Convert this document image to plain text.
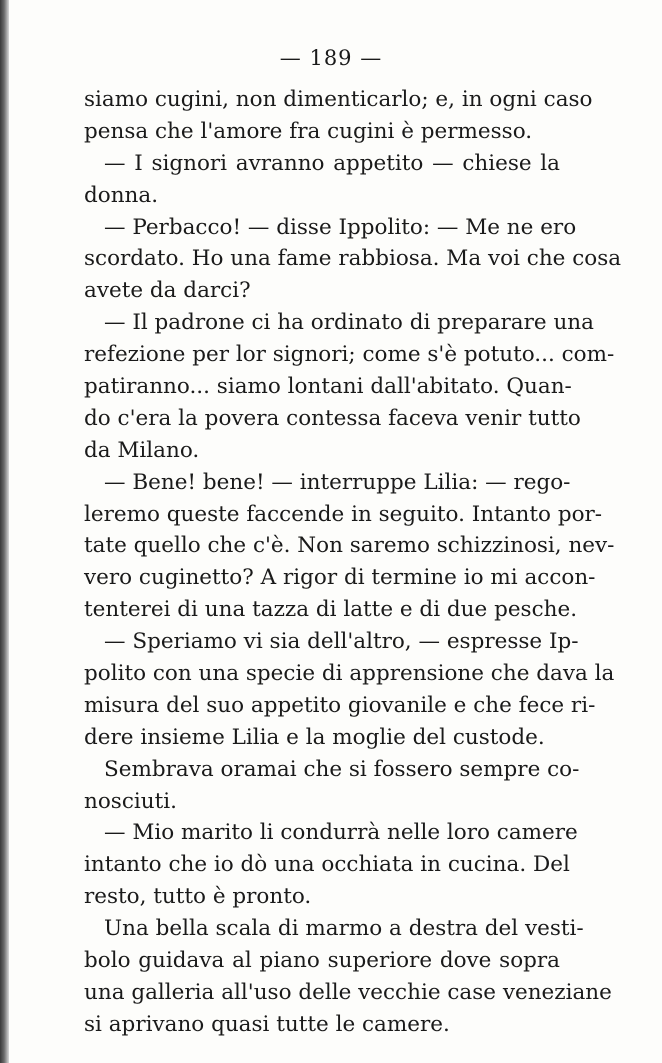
— 189 —
siamo cugini, non dimenticarlo; e, in ogni caso
pensa che l'amore fra cugini è permesso.
— I signori avranno appetito — chiese la
donna.
— Perbacco! — disse Ippolito: — Me ne ero
scordato. Ho una fame rabbiosa. Ma voi che cosa
avete da darci?
— Il padrone ci ha ordinato di preparare una
refezione per lor signori; come s'è potuto... com-
patiranno... siamo lontani dall'abitato. Quan-
do c'era la povera contessa faceva venir tutto
da Milano.
— Bene! bene! — interruppe Lilia: — rego-
leremo queste faccende in seguito. Intanto por-
tate quello che c'è. Non saremo schizzinosi, nev-
vero cuginetto? A rigor di termine io mi accon-
tenterei di una tazza di latte e di due pesche.
— Speriamo vi sia dell'altro, — espresse Ip-
polito con una specie di apprensione che dava la
misura del suo appetito giovanile e che fece ri-
dere insieme Lilia e la moglie del custode.
Sembrava oramai che si fossero sempre co-
nosciuti.
— Mio marito li condurrà nelle loro camere
intanto che io dò una occhiata in cucina. Del
resto, tutto è pronto.
Una bella scala di marmo a destra del vesti-
bolo guidava al piano superiore dove sopra
una galleria all'uso delle vecchie case veneziane
si aprivano quasi tutte le camere.
